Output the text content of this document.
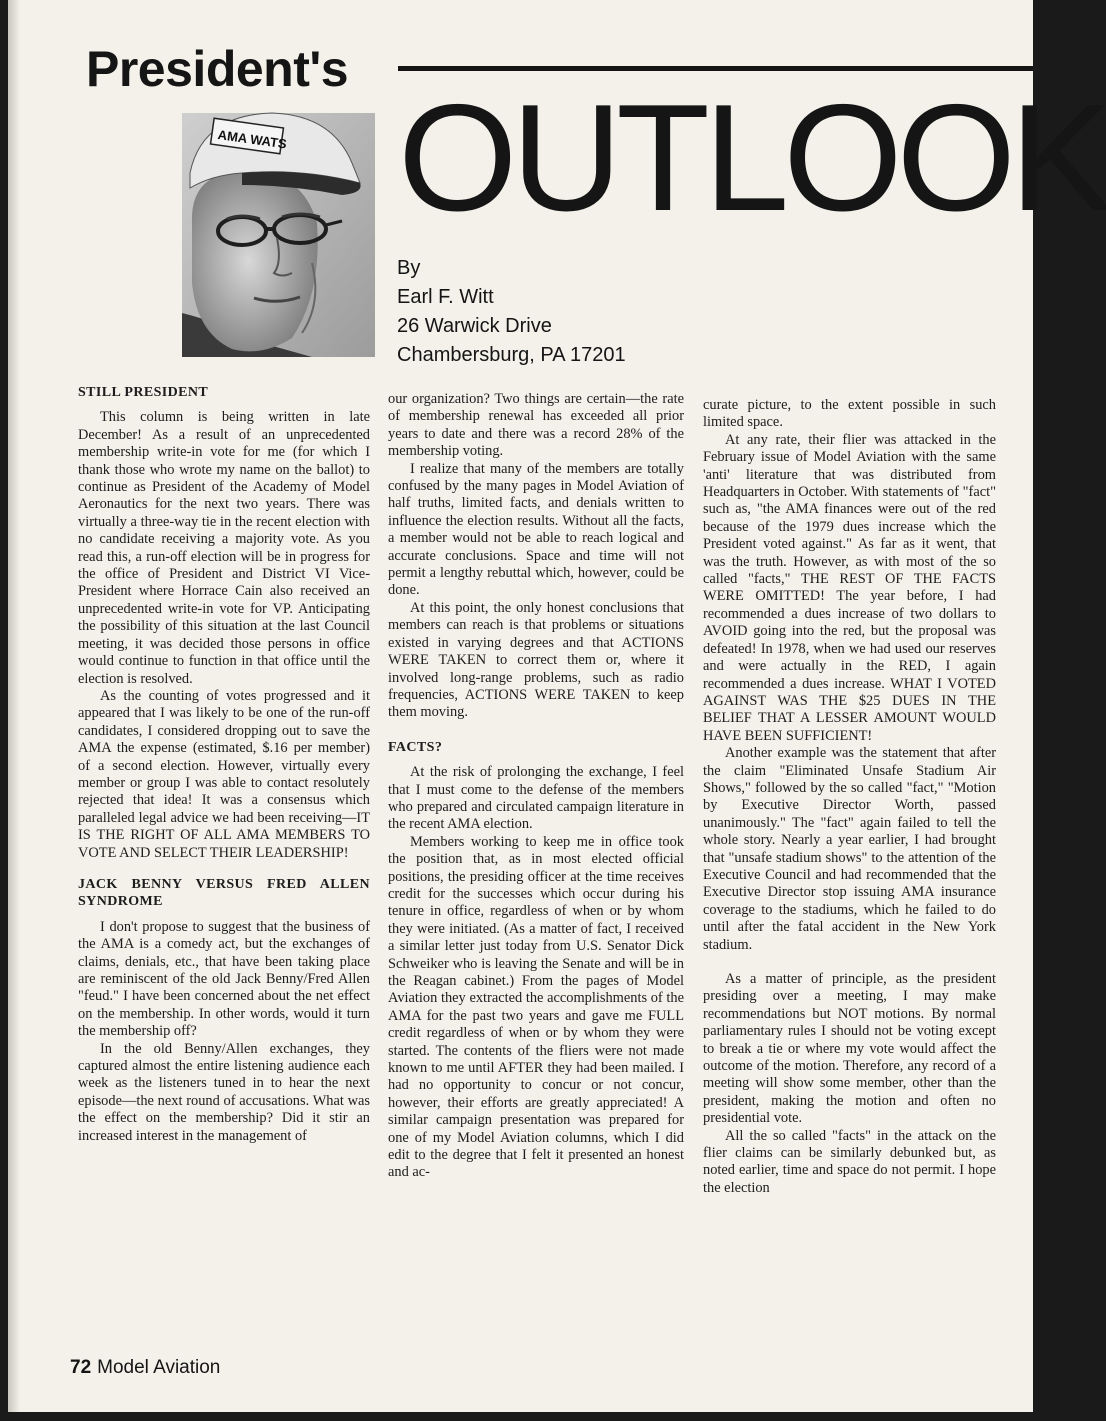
President's
OUTLOOK
AMA WATS
By
Earl F. Witt
26 Warwick Drive
Chambersburg, PA 17201
STILL PRESIDENT

This column is being written in late December! As a result of an unprecedented membership write-in vote for me (for which I thank those who wrote my name on the ballot) to continue as President of the Academy of Model Aeronautics for the next two years. There was virtually a three-way tie in the recent election with no candidate receiving a majority vote. As you read this, a run-off election will be in progress for the office of President and District VI Vice-President where Horrace Cain also received an unprecedented write-in vote for VP. Anticipating the possibility of this situation at the last Council meeting, it was decided those persons in office would continue to function in that office until the election is resolved.

As the counting of votes progressed and it appeared that I was likely to be one of the run-off candidates, I considered dropping out to save the AMA the expense (estimated, $.16 per member) of a second election. However, virtually every member or group I was able to contact resolutely rejected that idea! It was a consensus which paralleled legal advice we had been receiving—IT IS THE RIGHT OF ALL AMA MEMBERS TO VOTE AND SELECT THEIR LEADERSHIP!

JACK BENNY VERSUS FRED ALLEN SYNDROME

I don't propose to suggest that the business of the AMA is a comedy act, but the exchanges of claims, denials, etc., that have been taking place are reminiscent of the old Jack Benny/Fred Allen "feud." I have been concerned about the net effect on the membership. In other words, would it turn the membership off?

In the old Benny/Allen exchanges, they captured almost the entire listening audience each week as the listeners tuned in to hear the next episode—the next round of accusations. What was the effect on the membership? Did it stir an increased interest in the management of

our organization? Two things are certain—the rate of membership renewal has exceeded all prior years to date and there was a record 28% of the membership voting.

I realize that many of the members are totally confused by the many pages in Model Aviation of half truths, limited facts, and denials written to influence the election results. Without all the facts, a member would not be able to reach logical and accurate conclusions. Space and time will not permit a lengthy rebuttal which, however, could be done.

At this point, the only honest conclusions that members can reach is that problems or situations existed in varying degrees and that ACTIONS WERE TAKEN to correct them or, where it involved long-range problems, such as radio frequencies, ACTIONS WERE TAKEN to keep them moving.

FACTS?

At the risk of prolonging the exchange, I feel that I must come to the defense of the members who prepared and circulated campaign literature in the recent AMA election.

Members working to keep me in office took the position that, as in most elected official positions, the presiding officer at the time receives credit for the successes which occur during his tenure in office, regardless of when or by whom they were initiated. (As a matter of fact, I received a similar letter just today from U.S. Senator Dick Schweiker who is leaving the Senate and will be in the Reagan cabinet.) From the pages of Model Aviation they extracted the accomplishments of the AMA for the past two years and gave me FULL credit regardless of when or by whom they were started. The contents of the fliers were not made known to me until AFTER they had been mailed. I had no opportunity to concur or not concur, however, their efforts are greatly appreciated! A similar campaign presentation was prepared for one of my Model Aviation columns, which I did edit to the degree that I felt it presented an honest and ac-

curate picture, to the extent possible in such limited space.

At any rate, their flier was attacked in the February issue of Model Aviation with the same 'anti' literature that was distributed from Headquarters in October. With statements of "fact" such as, "the AMA finances were out of the red because of the 1979 dues increase which the President voted against." As far as it went, that was the truth. However, as with most of the so called "facts," THE REST OF THE FACTS WERE OMITTED! The year before, I had recommended a dues increase of two dollars to AVOID going into the red, but the proposal was defeated! In 1978, when we had used our reserves and were actually in the RED, I again recommended a dues increase. WHAT I VOTED AGAINST WAS THE $25 DUES IN THE BELIEF THAT A LESSER AMOUNT WOULD HAVE BEEN SUFFICIENT!

Another example was the statement that after the claim "Eliminated Unsafe Stadium Air Shows," followed by the so called "fact," "Motion by Executive Director Worth, passed unanimously." The "fact" again failed to tell the whole story. Nearly a year earlier, I had brought that "unsafe stadium shows" to the attention of the Executive Council and had recommended that the Executive Director stop issuing AMA insurance coverage to the stadiums, which he failed to do until after the fatal accident in the New York stadium.

As a matter of principle, as the president presiding over a meeting, I may make recommendations but NOT motions. By normal parliamentary rules I should not be voting except to break a tie or where my vote would affect the outcome of the motion. Therefore, any record of a meeting will show some member, other than the president, making the motion and often no presidential vote.

All the so called "facts" in the attack on the flier claims can be similarly debunked but, as noted earlier, time and space do not permit. I hope the election

72 Model Aviation
